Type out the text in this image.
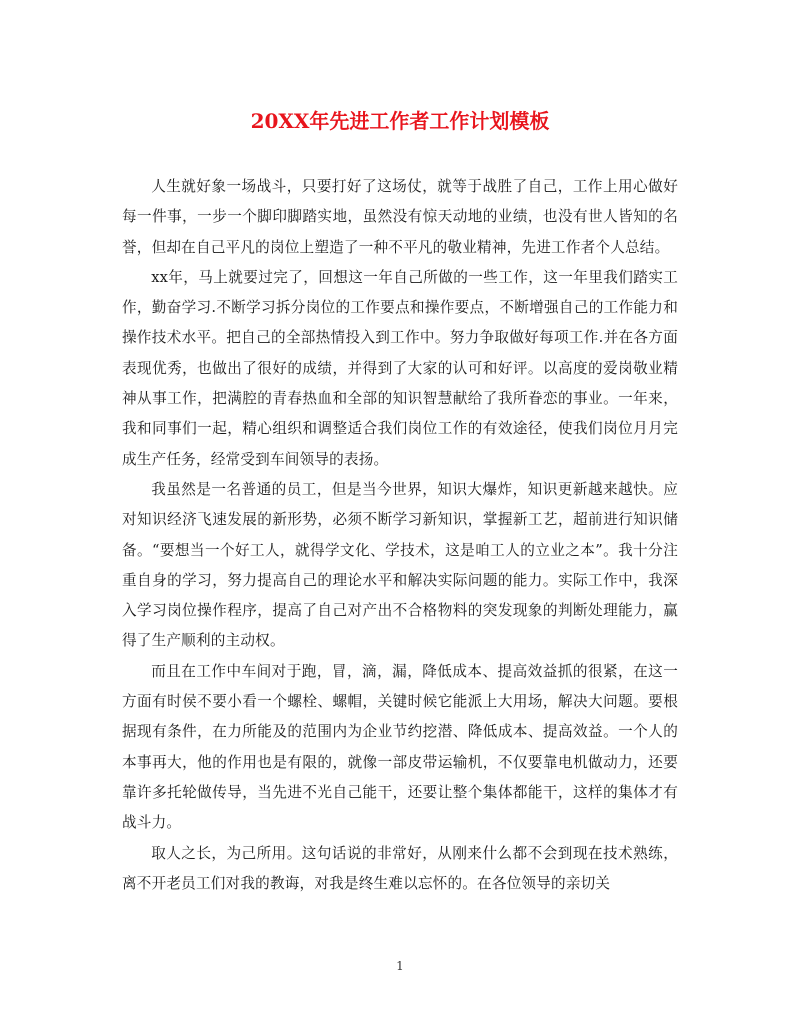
20XX年先进工作者工作计划模板

人生就好象一场战斗，只要打好了这场仗，就等于战胜了自己，工作上用心做好每一件事，一步一个脚印脚踏实地，虽然没有惊天动地的业绩，也没有世人皆知的名誉，但却在自己平凡的岗位上塑造了一种不平凡的敬业精神，先进工作者个人总结。

xx年，马上就要过完了，回想这一年自己所做的一些工作，这一年里我们踏实工作，勤奋学习.不断学习拆分岗位的工作要点和操作要点，不断增强自己的工作能力和操作技术水平。把自己的全部热情投入到工作中。努力争取做好每项工作.并在各方面表现优秀，也做出了很好的成绩，并得到了大家的认可和好评。以高度的爱岗敬业精神从事工作，把满腔的青春热血和全部的知识智慧献给了我所眷恋的事业。一年来，我和同事们一起，精心组织和调整适合我们岗位工作的有效途径，使我们岗位月月完成生产任务，经常受到车间领导的表扬。

我虽然是一名普通的员工，但是当今世界，知识大爆炸，知识更新越来越快。应对知识经济飞速发展的新形势，必须不断学习新知识，掌握新工艺，超前进行知识储备。“要想当一个好工人，就得学文化、学技术，这是咱工人的立业之本”。我十分注重自身的学习，努力提高自己的理论水平和解决实际问题的能力。实际工作中，我深入学习岗位操作程序，提高了自己对产出不合格物料的突发现象的判断处理能力，赢得了生产顺利的主动权。

而且在工作中车间对于跑，冒，滴，漏，降低成本、提高效益抓的很紧，在这一方面有时侯不要小看一个螺栓、螺帽，关键时候它能派上大用场，解决大问题。要根据现有条件，在力所能及的范围内为企业节约挖潜、降低成本、提高效益。一个人的本事再大，他的作用也是有限的，就像一部皮带运输机，不仅要靠电机做动力，还要靠许多托轮做传导，当先进不光自己能干，还要让整个集体都能干，这样的集体才有战斗力。

取人之长，为己所用。这句话说的非常好，从刚来什么都不会到现在技术熟练，离不开老员工们对我的教诲，对我是终生难以忘怀的。在各位领导的亲切关

1
